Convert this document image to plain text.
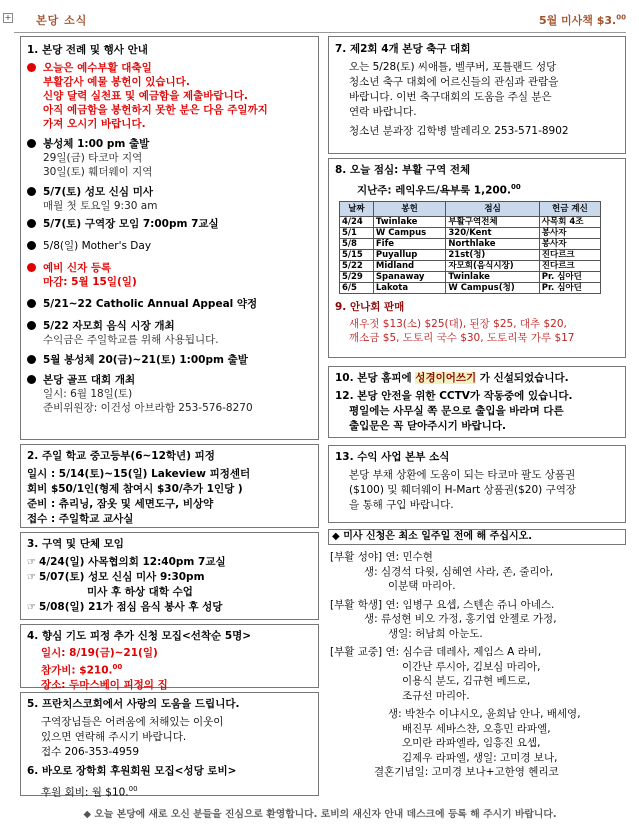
+ 본당 소식	5월 미사책 $3.00
1. 본당 전례 및 행사 안내
오늘은 예수부활 대축일
부활감사 예물 봉헌이 있습니다.
신양 달력 실천표 및 예금함을 제출바랍니다.
아직 예금함을 봉헌하지 못한 분은 다음 주일까지
가져 오시기 바랍니다.
봉성체 1:00 pm 출발
29일(금) 타코마 지역
30일(토) 훼더웨이 지역
5/7(토) 성모 신심 미사
매월 첫 토요일 9:30 am
5/7(토) 구역장 모임 7:00pm 7교실
5/8(일) Mother's Day
예비 신자 등록
마감: 5월 15일(일)
5/21~22 Catholic Annual Appeal 약정
5/22 자모회 음식 시장 개최
수익금은 주일학교를 위해 사용됩니다.
5월 봉성체 20(금)~21(토) 1:00pm 출발
본당 골프 대회 개최
일시: 6월 18일(토)
준비위원장: 이건성 아브라함 253-576-8270
2. 주일 학교 중고등부(6~12학년) 피정
일시 : 5/14(토)~15(일) Lakeview 피정센터
회비 $50/1인(형제 참여시 $30/추가 1인당 )
준비 : 츄리닝, 잠옷 및 세면도구, 비상약
접수 : 주일학교 교사실
3. 구역 및 단체 모임
☞ 4/24(일) 사목협의회 12:40pm 7교실
☞ 5/07(토) 성모 신심 미사 9:30pm
미사 후 하상 대학 수업
☞ 5/08(일) 21가 점심 음식 봉사 후 성당
4. 향심 기도 피정 추가 신청 모집<선착순 5명>
일시: 8/19(금)~21(일)
참가비: $210.00
장소: 두마스베이 피정의 집
5. 프란치스코회에서 사랑의 도움을 드립니다.
구역장님들은 어려움에 처해있는 이웃이
있으면 연락해 주시기 바랍니다.
접수 206-353-4959
6. 바오로 장학회 후원회원 모집<성당 로비>
후원 회비: 월 $10.00
7. 제2회 4개 본당 축구 대회
오는 5/28(토) 씨애틀, 벨쿠버, 포틀랜드 성당
청소년 축구 대회에 어르신들의 관심과 관람을
바랍니다. 이번 축구대회의 도움을 주실 분은
연락 바랍니다.
청소년 분과장 김학병 발레리오 253-571-8902
8. 오늘 점심: 부활 구역 전체
지난주: 레익우드/욕부룩 1,200.00
날짜	봉헌	점심	헌금 계신
4/24	Twinlake	부활구역전체	사목회 4조
5/1	W Campus	320/Kent	봉사자
5/8	Fife	Northlake	봉사자
5/15	Puyallup	21st(청)	진다르크
5/22	Midland	자모회(음식시장)	진다르크
5/29	Spanaway	Twinlake	Pr. 심아딘
6/5	Lakota	W Campus(청)	Pr. 심아딘
9. 안나회 판매
새우젓 $13(소) $25(대), 된장 $25, 대추 $20,
깨소금 $5, 도토리 국수 $30, 도토리묵 가루 $17
10. 본당 홈피에 성경이어쓰기 가 신설되었습니다.
12. 본당 안전을 위한 CCTV가 작동중에 있습니다.
평일에는 사무실 쪽 문으로 출입을 바라며 다른
출입문은 꼭 닫아주시기 바랍니다.
13. 수익 사업 본부 소식
본당 부채 상환에 도움이 되는 타코마 팔도 상품권
($100) 및 훼더웨이 H-Mart 상품권($20) 구역장
을 통해 구입 바랍니다.
◆ 미사 신청은 최소 일주일 전에 해 주십시오.
[부활 성야] 연: 민수현
생: 심경석 다윗, 심혜연 사라, 존, 줄리아,
이분택 마리아.
[부활 학생] 연: 임병구 요셉, 스텐손 쥬니 아네스.
생: 류성현 비오 가정, 홍기엽 안젤로 가정,
생일: 허남희 아눈도.
[부활 교중] 연: 심수금 데레사, 제임스 A 라비,
이간난 루시아, 김보심 마리아,
이용식 분도, 김규현 베드로,
조규선 마리아.
생: 박찬수 이냐시오, 윤희남 안나, 배세영,
배진무 세바스챤, 오흥민 라파엘,
오미란 라파엘라, 임흥진 요셉,
김제우 라파엘, 생일: 고미경 보나,
결혼기념일: 고미경 보나+고한영 헨리코
◆ 오늘 본당에 새로 오신 분들을 진심으로 환영합니다. 로비의 새신자 안내 데스크에 등록 해 주시기 바랍니다.
